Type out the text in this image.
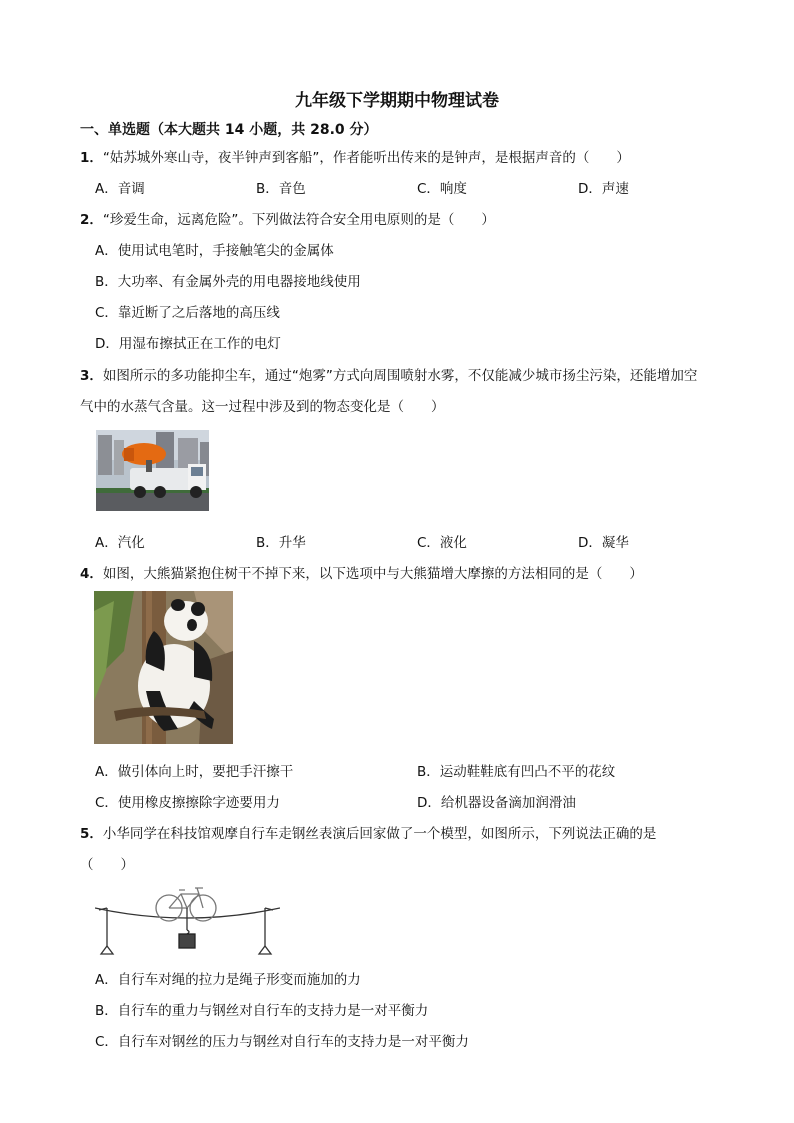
九年级下学期期中物理试卷
一、单选题（本大题共 14 小题，共 28.0 分）
1．“姑苏城外寒山寺，夜半钟声到客船”，作者能听出传来的是钟声，是根据声音的（　　）
A．音调	B．音色	C．响度	D．声速
2．“珍爱生命，远离危险”。下列做法符合安全用电原则的是（　　）
A．使用试电笔时，手接触笔尖的金属体
B．大功率、有金属外壳的用电器接地线使用
C．靠近断了之后落地的高压线
D．用湿布擦拭正在工作的电灯
3．如图所示的多功能抑尘车，通过“炮雾”方式向周围喷射水雾，不仅能减少城市扬尘污染，还能增加空
气中的水蒸气含量。这一过程中涉及到的物态变化是（　　）
A．汽化	B．升华	C．液化	D．凝华
4．如图，大熊猫紧抱住树干不掉下来，以下选项中与大熊猫增大摩擦的方法相同的是（　　）
A．做引体向上时，要把手汗擦干	B．运动鞋鞋底有凹凸不平的花纹
C．使用橡皮擦擦除字迹要用力	D．给机器设备滴加润滑油
5．小华同学在科技馆观摩自行车走钢丝表演后回家做了一个模型，如图所示，下列说法正确的是
（　　）
A．自行车对绳的拉力是绳子形变而施加的力
B．自行车的重力与钢丝对自行车的支持力是一对平衡力
C．自行车对钢丝的压力与钢丝对自行车的支持力是一对平衡力
